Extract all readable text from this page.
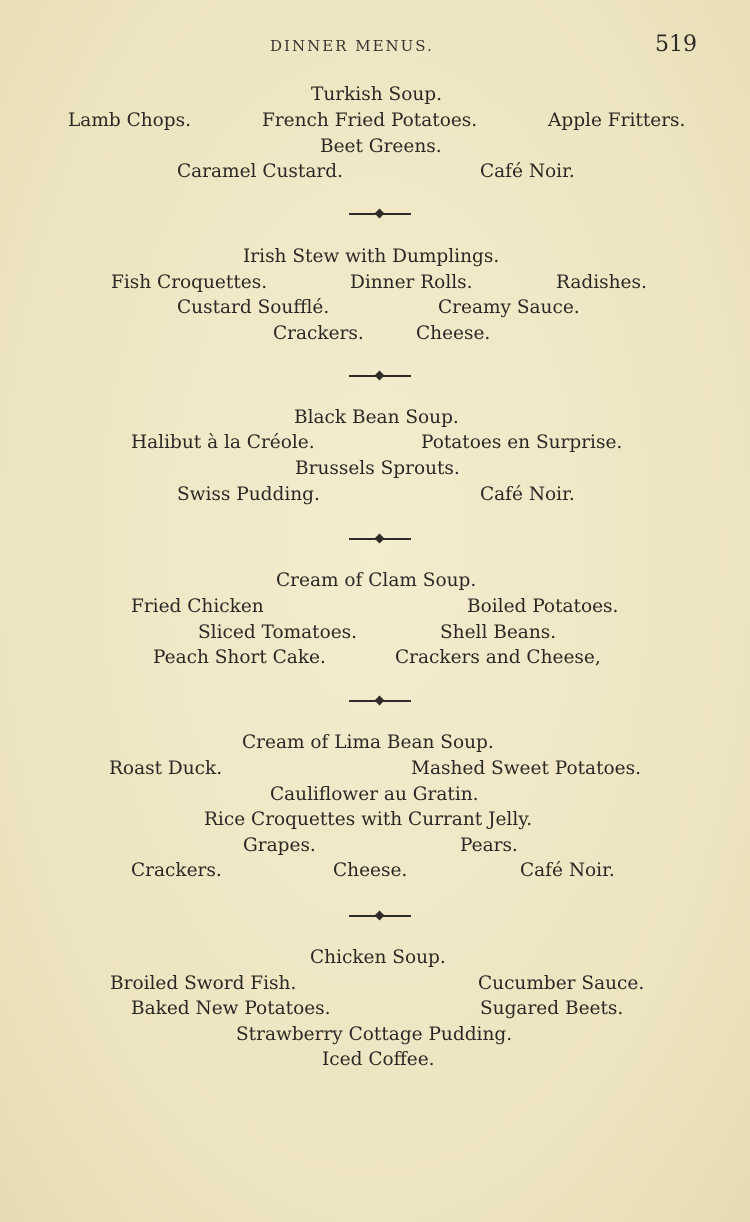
DINNER MENUS.	519
Turkish Soup.
Lamb Chops.	French Fried Potatoes.	Apple Fritters.
Beet Greens.
Caramel Custard.	Café Noir.
Irish Stew with Dumplings.
Fish Croquettes.	Dinner Rolls.	Radishes.
Custard Soufflé.	Creamy Sauce.
Crackers.	Cheese.
Black Bean Soup.
Halibut à la Créole.	Potatoes en Surprise.
Brussels Sprouts.
Swiss Pudding.	Café Noir.
Cream of Clam Soup.
Fried Chicken	Boiled Potatoes.
Sliced Tomatoes.	Shell Beans.
Peach Short Cake.	Crackers and Cheese,
Cream of Lima Bean Soup.
Roast Duck.	Mashed Sweet Potatoes.
Cauliflower au Gratin.
Rice Croquettes with Currant Jelly.
Grapes.	Pears.
Crackers.	Cheese.	Café Noir.
Chicken Soup.
Broiled Sword Fish.	Cucumber Sauce.
Baked New Potatoes.	Sugared Beets.
Strawberry Cottage Pudding.
Iced Coffee.
